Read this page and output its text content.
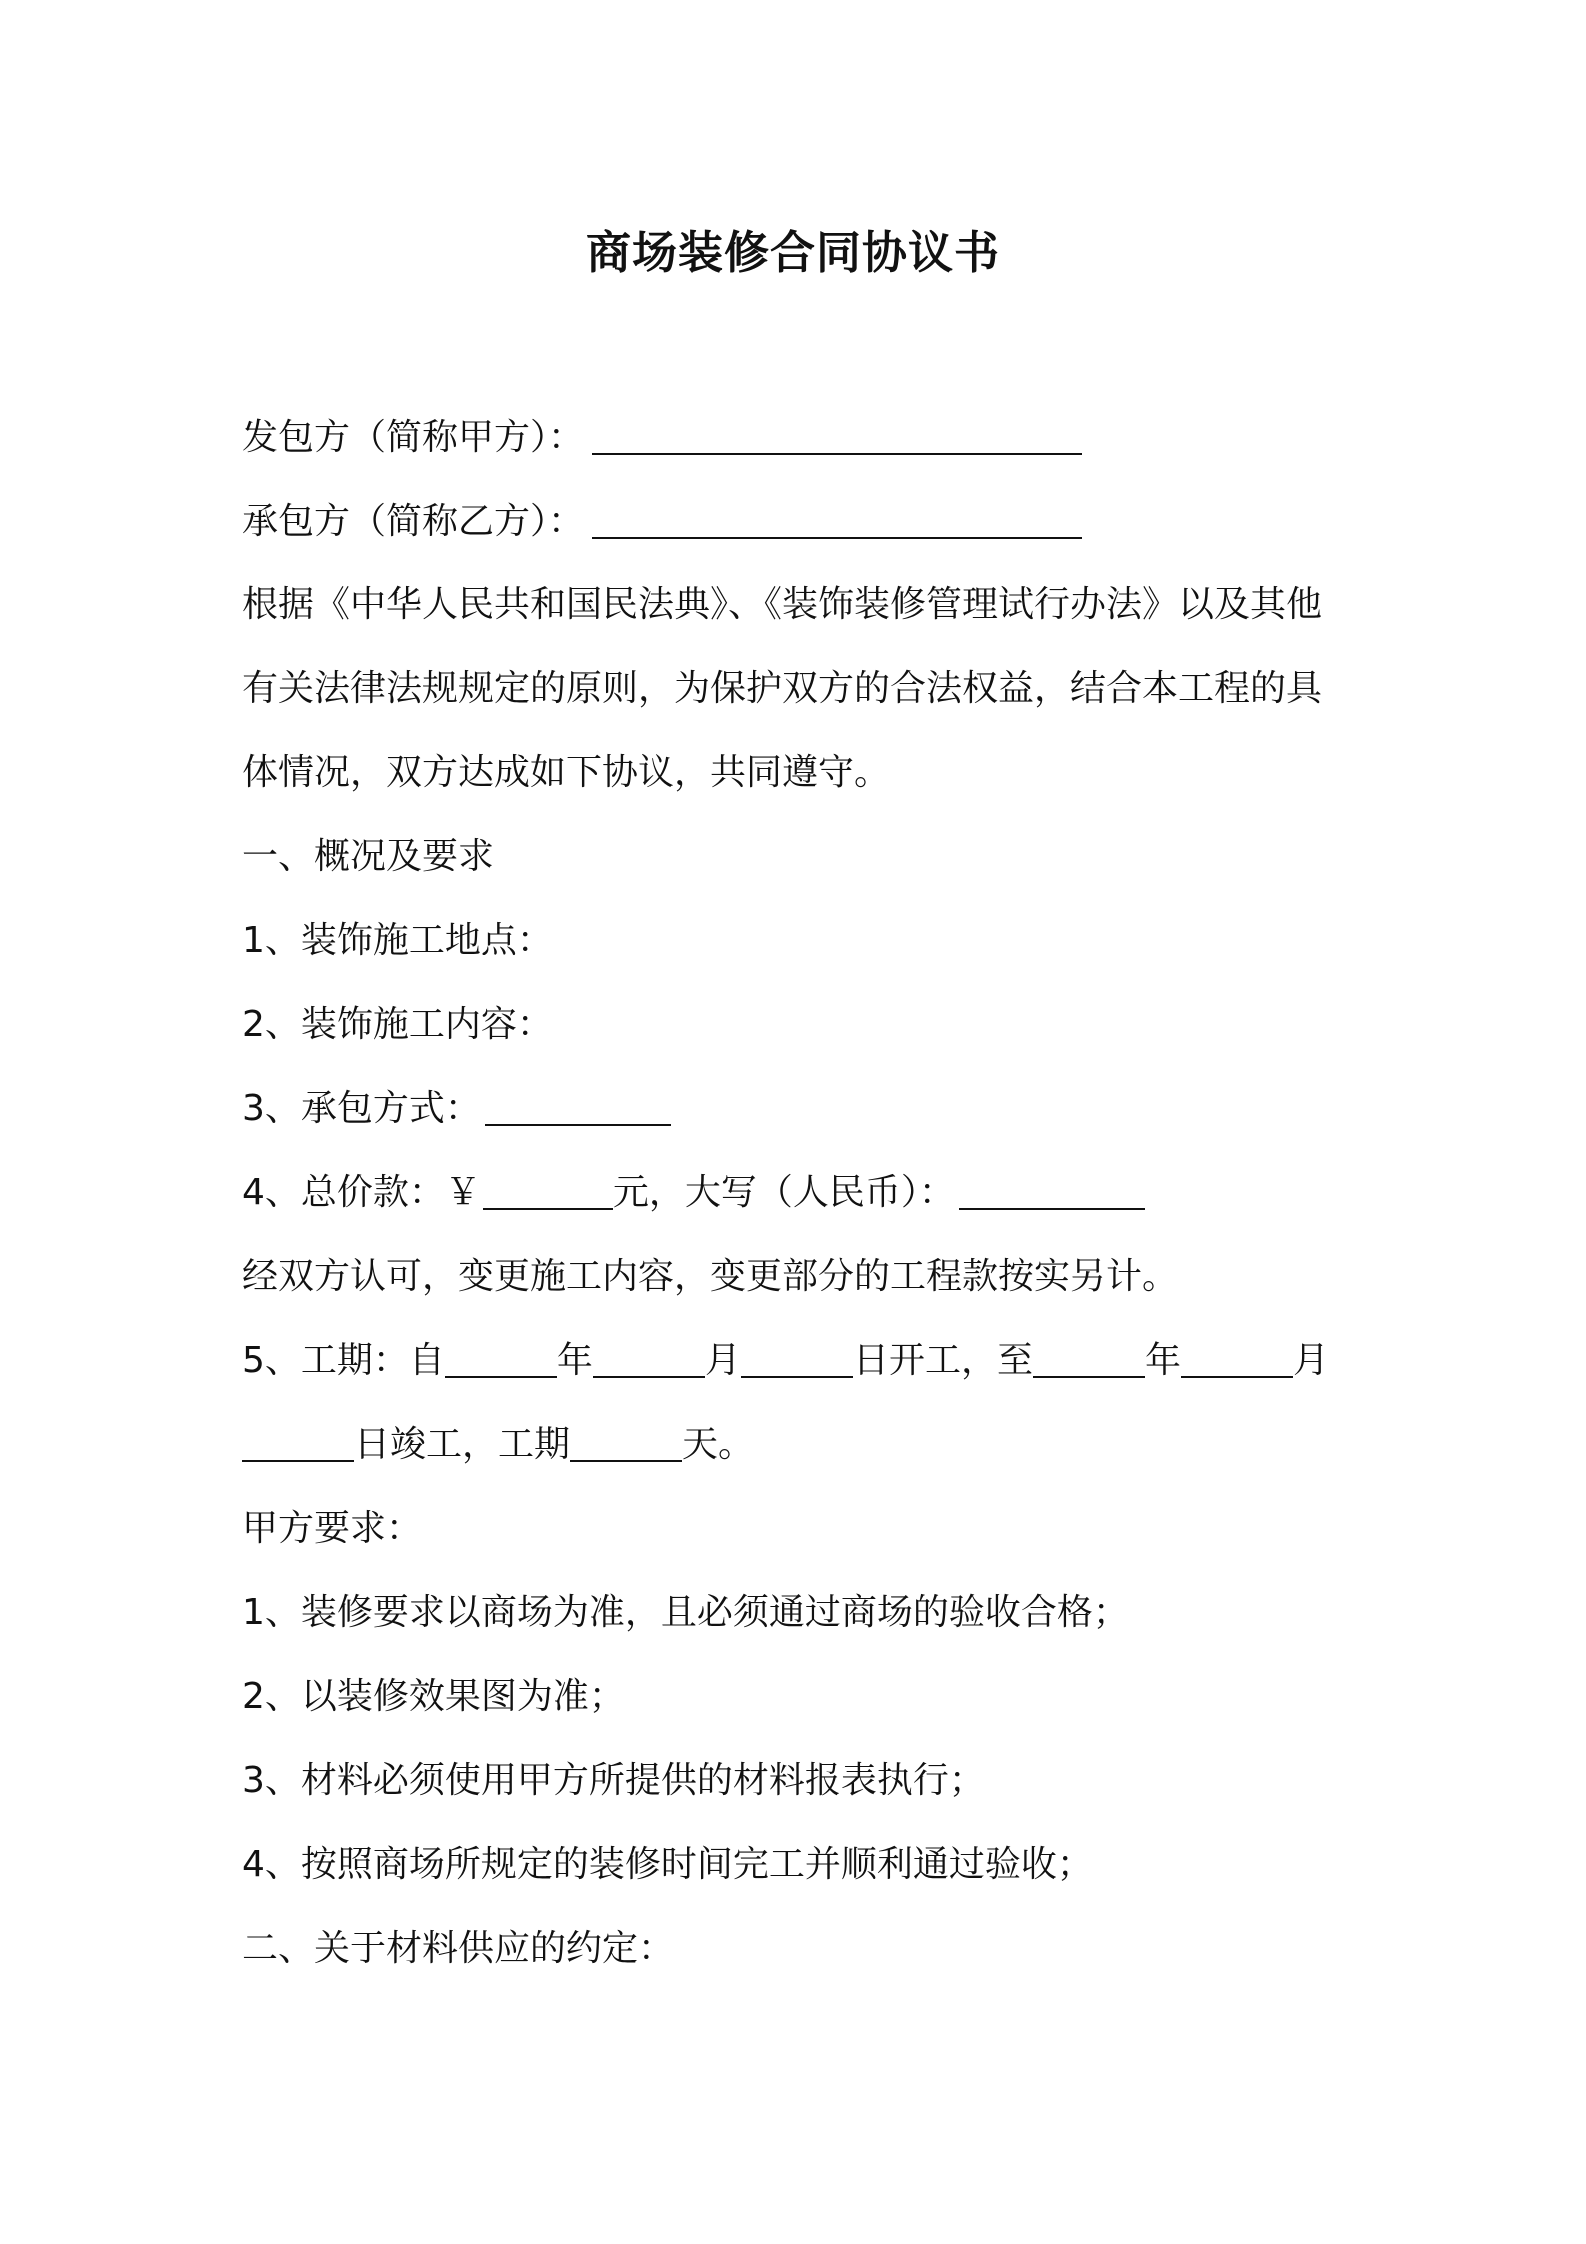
商场装修合同协议书
发包方（简称甲方）：
承包方（简称乙方）：
根据《中华人民共和国民法典》、《装饰装修管理试行办法》以及其他
有关法律法规规定的原则，为保护双方的合法权益，结合本工程的具
体情况，双方达成如下协议，共同遵守。
一、概况及要求
1、装饰施工地点：
2、装饰施工内容：
3、承包方式：
4、总价款：￥	元，大写（人民币）：
经双方认可，变更施工内容，变更部分的工程款按实另计。
5、工期：自	年	月	日开工，至	年	月
日竣工，工期	天。
甲方要求：
1、装修要求以商场为准，且必须通过商场的验收合格；
2、以装修效果图为准；
3、材料必须使用甲方所提供的材料报表执行；
4、按照商场所规定的装修时间完工并顺利通过验收；
二、关于材料供应的约定：
